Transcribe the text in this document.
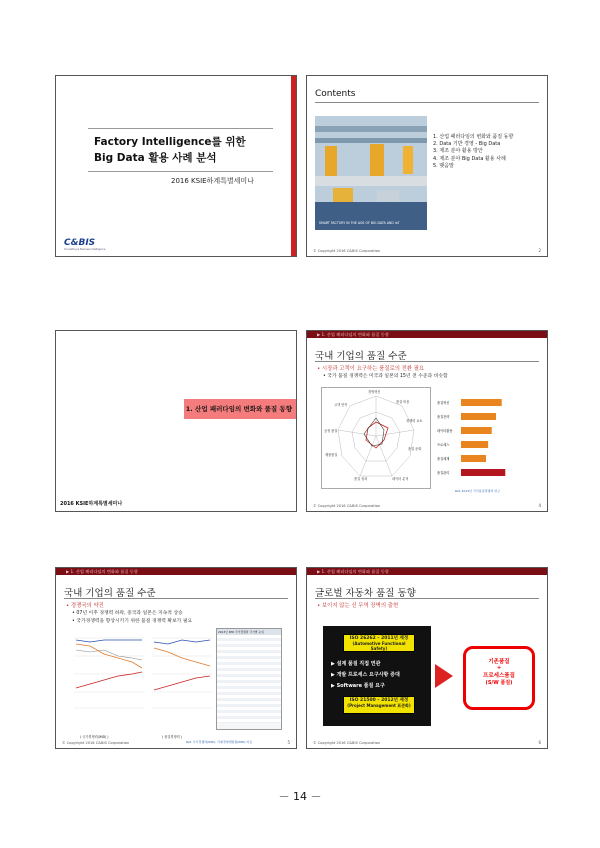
Factory Intelligence를 위한
Big Data 활용 사례 분석
2016 KSIE하계특별세미나
C&BIS
Consulting & Business Intelligence
Contents
SMART FACTORY IN THE AGE OF BIG DATA AND IoT
1. 산업 패러다임의 변화와 품질 동향
2. Data 기반 경영 - Big Data
3. 제조 분야 활용 방안
4. 제조 분야 Big Data 활용 사례
5. 맺음말
© Copyright 2016 C&BIS Corporation	2
1. 산업 패러다임의 변화와 품질 동향
2016 KSIE하계특별세미나
▶ 1. 산업 패러다임의 변화와 품질 동향
국내 기업의 품질 수준
• 시장과 고객이 요구하는 품질로의 전환 필요
• 국가 품질 경쟁력은 미국과 일본의 15년 전 수준과 비슷함
경영혁신
품질 비용
경쟁력 요소
품질 문화
데이터 분석
품질 성과
제품품질
공정 품질
고객 만족	품질혁신
품질전략
데이터활용
프로세스
품질체계
품질관리
Ref. 2013년 국가품질경쟁력 연구
© Copyright 2016 C&BIS Corporation	4
▶ 1. 산업 패러다임의 변화와 품질 동향
국내 기업의 품질 수준
• 경쟁국의 약진
• 07년 이후 경쟁력 하락, 중국과 일본은 지속적 상승
• 국가경쟁력을 향상시키기 위한 품질 경쟁력 확보가 필요
( 국가경쟁력(IMD) )	( 품질경쟁력 )
2013년 IMD 국가경쟁력 국가별 순위
Ref. 국가경쟁력(IMD), 국제경영개발원(IMD) 자료
© Copyright 2016 C&BIS Corporation	5
▶ 1. 산업 패러다임의 변화와 품질 동향
글로벌 자동차 품질 동향
• 보이지 않는 신 무역 장벽의 출현
ISO 26262 – 2011년 제정
(Automotive Functional Safety)
▶ 설계 품질 직접 연관
▶ 개발 프로세스 요구사항 증대
▶ Software 품질 요구
ISO 21500 – 2012년 제정
(Project Management 표준화)
기존품질
+
프로세스품질
(S/W 품질)
© Copyright 2016 C&BIS Corporation	6
－ 14 －
